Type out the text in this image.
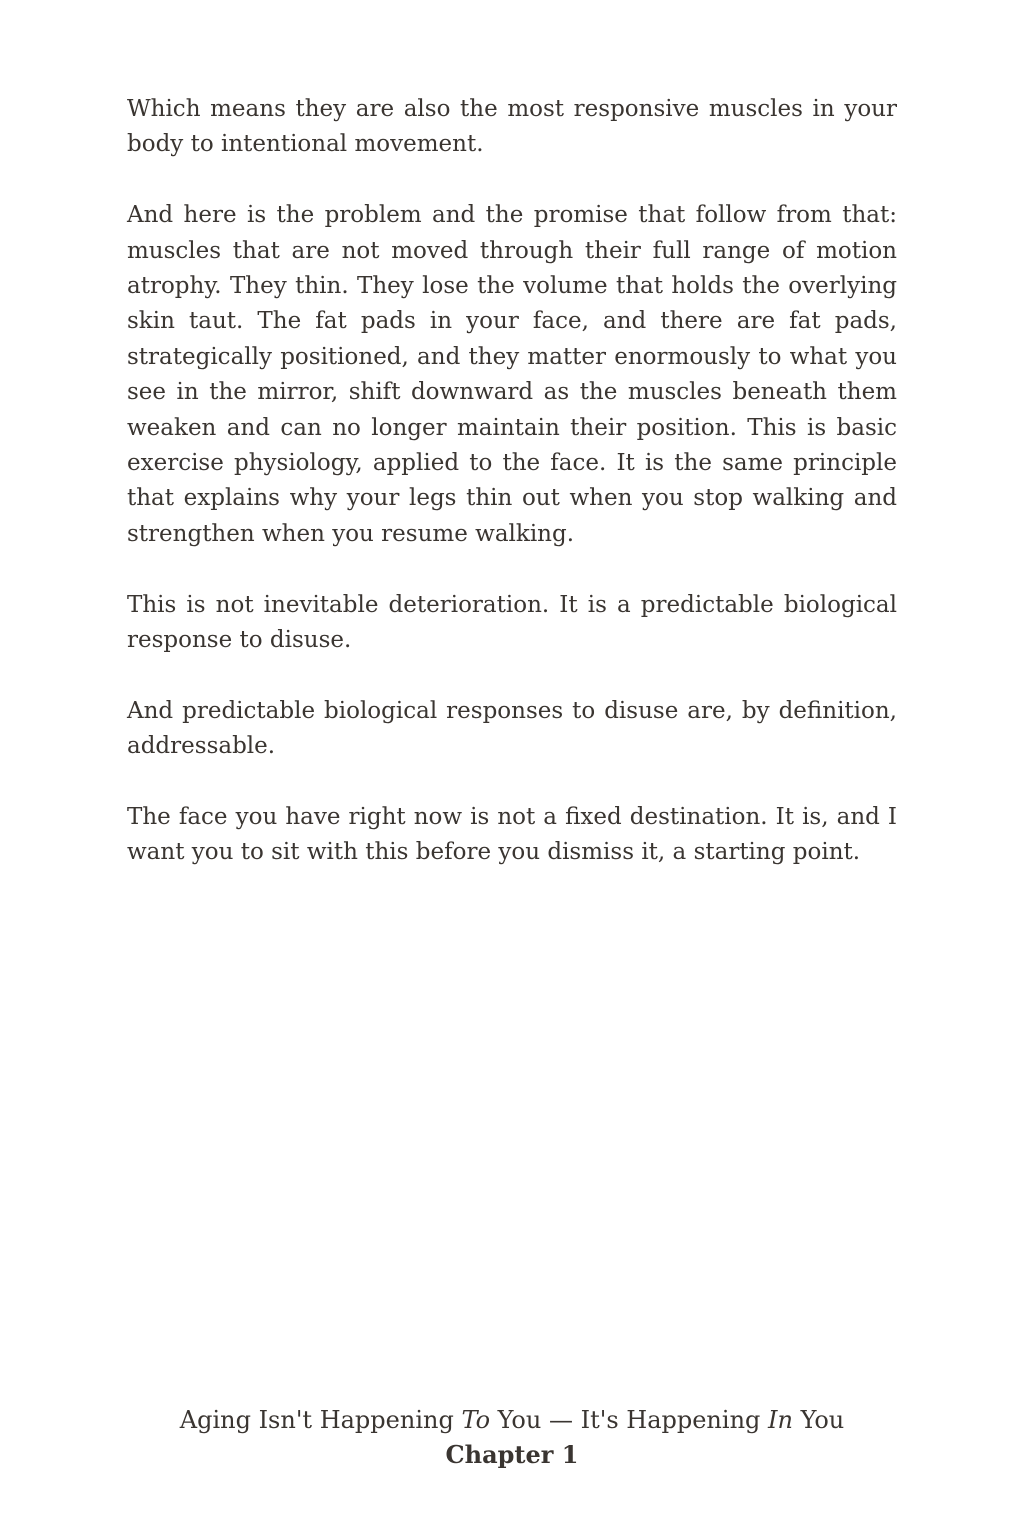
Which means they are also the most responsive muscles in your body to intentional movement.

And here is the problem and the promise that follow from that: muscles that are not moved through their full range of motion atrophy. They thin. They lose the volume that holds the overlying skin taut. The fat pads in your face, and there are fat pads, strategically positioned, and they matter enormously to what you see in the mirror, shift downward as the muscles beneath them weaken and can no longer maintain their position. This is basic exercise physiology, applied to the face. It is the same principle that explains why your legs thin out when you stop walking and strengthen when you resume walking.

This is not inevitable deterioration. It is a predictable biological response to disuse.

And predictable biological responses to disuse are, by definition, addressable.

The face you have right now is not a fixed destination. It is, and I want you to sit with this before you dismiss it, a starting point.

Aging Isn't Happening To You — It's Happening In You
Chapter 1
